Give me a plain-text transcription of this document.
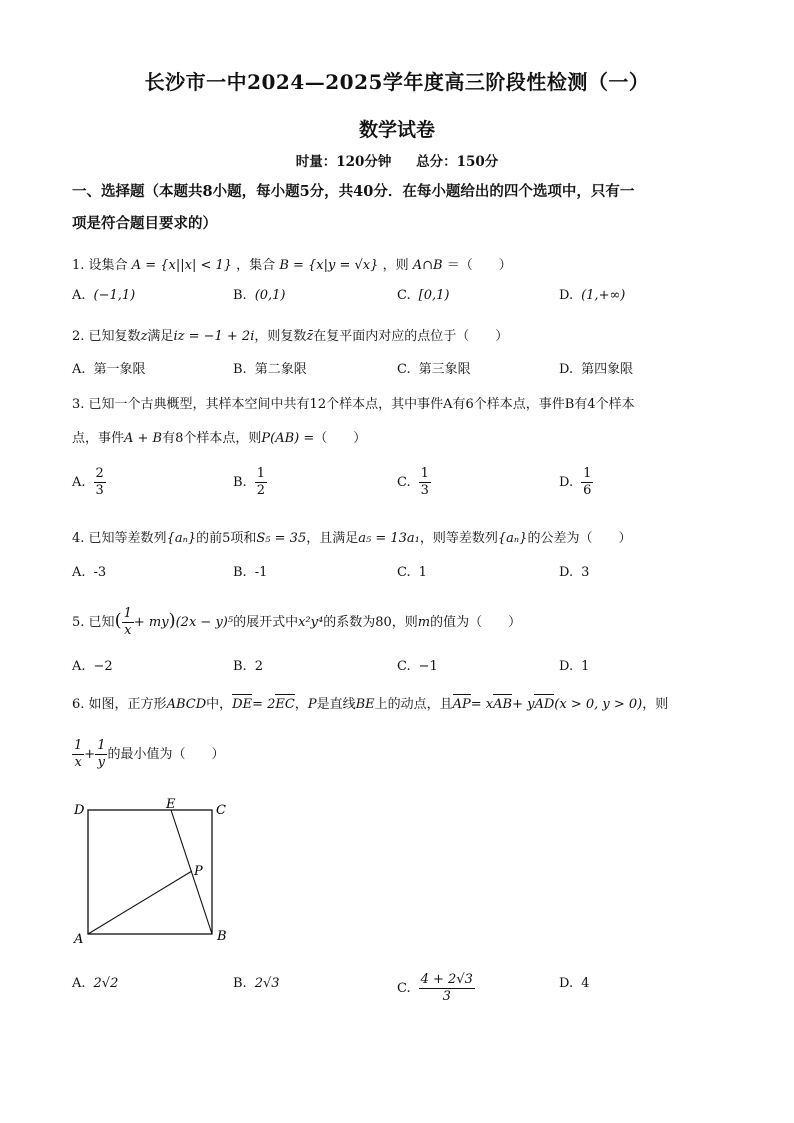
长沙市一中2024—2025学年度高三阶段性检测（一）
数学试卷
时量：120分钟 总分：150分
一、选择题（本题共8小题，每小题5分，共40分．在每小题给出的四个选项中，只有一
项是符合题目要求的）
1. 设集合 A = {x||x| < 1} ，集合 B = {x|y = √x} ，则 A∩B ＝（　　）
A. (−1,1)	B. (0,1)	C. [0,1)	D. (1,+∞)
2. 已知复数z满足iz = −1 + 2i，则复数z̄在复平面内对应的点位于（　　）
A. 第一象限	B. 第二象限	C. 第三象限	D. 第四象限
3. 已知一个古典概型，其样本空间中共有12个样本点，其中事件A有6个样本点，事件B有4个样本
点，事件A + B有8个样本点，则P(AB) =（　　）
A. $\frac{2}{3}$	B. $\frac{1}{2}$	C. $\frac{1}{3}$	D. $\frac{1}{6}$
4. 已知等差数列{aₙ}的前5项和S₅ = 35，且满足a₅ = 13a₁，则等差数列{aₙ}的公差为（　　）
A. -3	B. -1	C. 1	D. 3
5. 已知( $\frac{1}{x} + my)(2x - y)^5$的展开式中x²y⁴的系数为80，则m的值为（　　）
A. −2	B. 2	C. −1	D. 1
6. 如图，正方形ABCD中，DE= 2EC，P是直线BE上的动点，且AP= xAB+ yAD(x > 0, y > 0)，则
$\frac{1}{x} + \frac{1}{y}$ 的最小值为（　　）
D	E	C
P
A	B
A. 2√2	B. 2√3	C. $\frac{4 + 2√3}{3}$	D. 4
